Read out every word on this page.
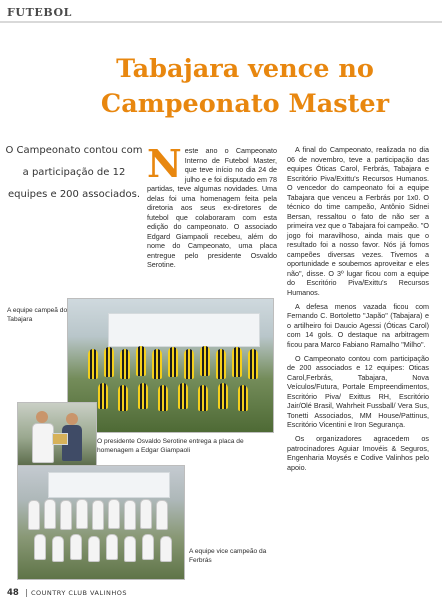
FUTEBOL
Tabajara vence no Campeonato Master
O Campeonato contou com a participação de 12 equipes e 200 associados.

Neste ano o Campeonato Interno de Futebol Master, que teve início no dia 24 de julho e e foi disputado em 78 partidas, teve algumas novidades. Uma delas foi uma homenagem feita pela diretoria aos seus ex-diretores de futebol que colaboraram com esta edição do campeonato. O associado Edgard Giampaoli recebeu, além do nome do Campeonato, uma placa entregue pelo presidente Osvaldo Serotine.

A final do Campeonato, realizada no dia 06 de novembro, teve a participação das equipes Óticas Carol, Ferbrás, Tabajara e Escritório Piva/Exittu's Recursos Humanos. O vencedor do campeonato foi a equipe Tabajara que venceu a Ferbrás por 1x0. O técnico do time campeão, Antônio Sidnei Bersan, ressaltou o fato de não ser a primeira vez que o Tabajara foi campeão. "O jogo foi maravilhoso, ainda mais que o resultado foi a nosso favor. Nós já fomos campeões diversas vezes. Tivemos a oportunidade e soubemos aproveitar e eles não", disse. O 3º lugar ficou com a equipe do Escritório Piva/Exittu's Recursos Humanos.

A defesa menos vazada ficou com Fernando C. Bortoletto "Japão" (Tabajara) e o artilheiro foi Daucio Agessi (Óticas Carol) com 14 gols. O destaque na arbitragem ficou para Marco Fabiano Ramalho "Milho".

O Campeonato contou com participação de 200 associados e 12 equipes: Oticas Carol,Ferbrás, Tabajara, Nova Veículos/Futura, Portale Empreendimentos, Escritório Piva/ Exittus RH, Escritório Jair/Olé Brasil, Wahrheit Fussball/ Vera Sus, Tonetti Associados, MM House/Pattinus, Escritório Vicentini e Iron Segurança.

Os organizadores agracedem os patrocinadores Aguiar Imovéis & Seguros, Engenharia Moysés e Codive Valinhos pelo apoio.

A equipe campeã do Tabajara
O presidente Osvaldo Serotine entrega a placa de homenagem a Edgar Giampaoli
A equipe vice campeão da Ferbrás
48 COUNTRY CLUB VALINHOS
